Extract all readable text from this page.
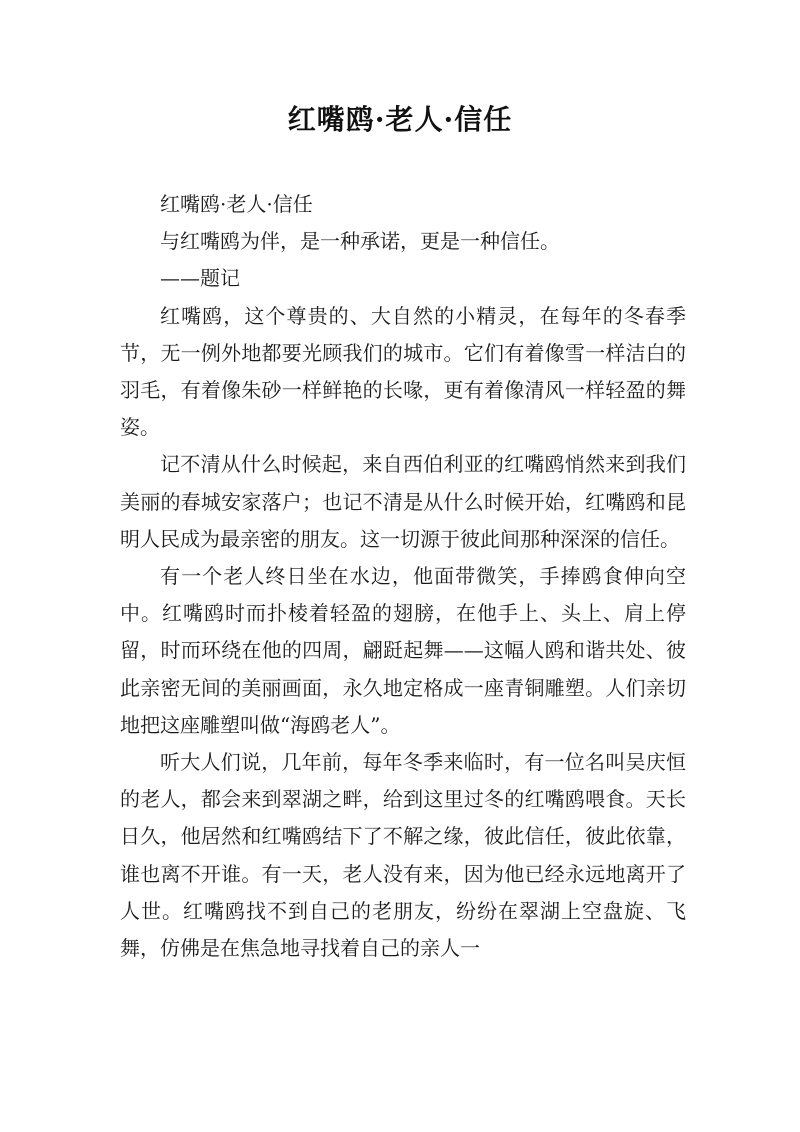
红嘴鸥·老人·信任

红嘴鸥·老人·信任

与红嘴鸥为伴，是一种承诺，更是一种信任。

——题记

红嘴鸥，这个尊贵的、大自然的小精灵，在每年的冬春季节，无一例外地都要光顾我们的城市。它们有着像雪一样洁白的羽毛，有着像朱砂一样鲜艳的长喙，更有着像清风一样轻盈的舞姿。

记不清从什么时候起，来自西伯利亚的红嘴鸥悄然来到我们美丽的春城安家落户；也记不清是从什么时候开始，红嘴鸥和昆明人民成为最亲密的朋友。这一切源于彼此间那种深深的信任。

有一个老人终日坐在水边，他面带微笑，手捧鸥食伸向空中。红嘴鸥时而扑棱着轻盈的翅膀，在他手上、头上、肩上停留，时而环绕在他的四周，翩跹起舞——这幅人鸥和谐共处、彼此亲密无间的美丽画面，永久地定格成一座青铜雕塑。人们亲切地把这座雕塑叫做“海鸥老人”。

听大人们说，几年前，每年冬季来临时，有一位名叫吴庆恒的老人，都会来到翠湖之畔，给到这里过冬的红嘴鸥喂食。天长日久，他居然和红嘴鸥结下了不解之缘，彼此信任，彼此依靠，谁也离不开谁。有一天，老人没有来，因为他已经永远地离开了人世。红嘴鸥找不到自己的老朋友，纷纷在翠湖上空盘旋、飞舞，仿佛是在焦急地寻找着自己的亲人一
